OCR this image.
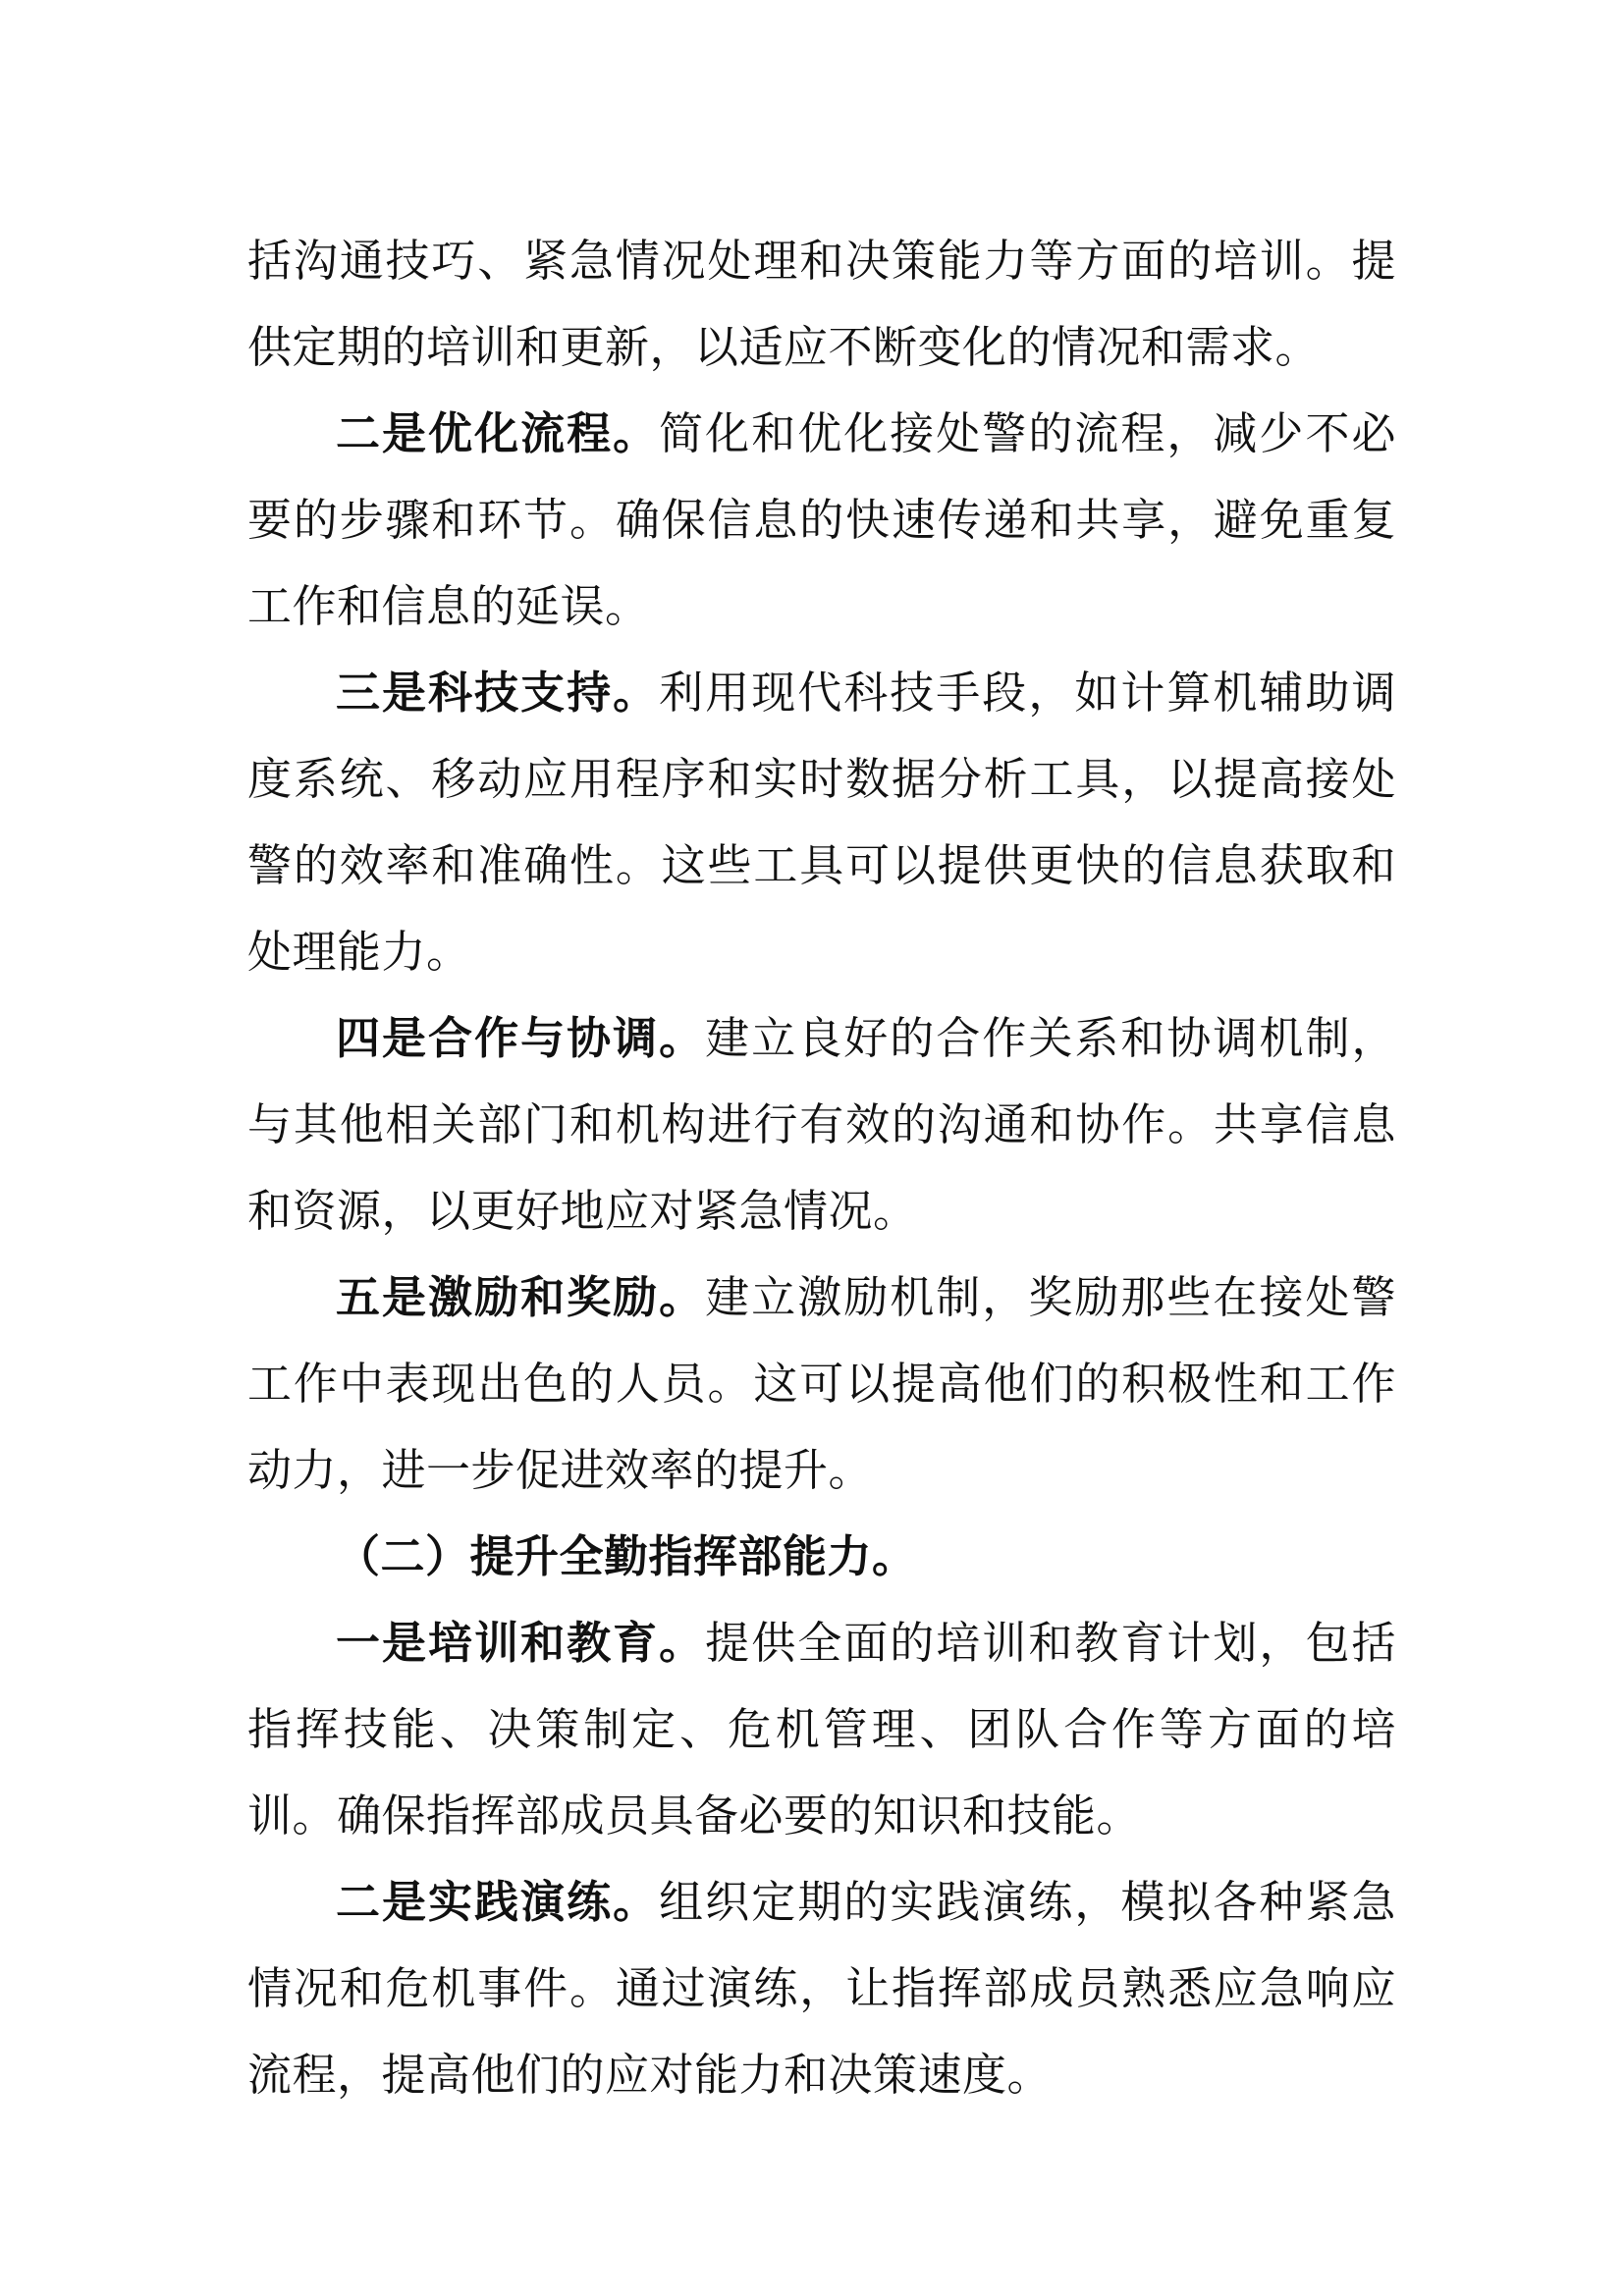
括沟通技巧、紧急情况处理和决策能力等方面的培训。提供定期的培训和更新，以适应不断变化的情况和需求。

二是优化流程。简化和优化接处警的流程，减少不必要的步骤和环节。确保信息的快速传递和共享，避免重复工作和信息的延误。

三是科技支持。利用现代科技手段，如计算机辅助调度系统、移动应用程序和实时数据分析工具，以提高接处警的效率和准确性。这些工具可以提供更快的信息获取和处理能力。

四是合作与协调。建立良好的合作关系和协调机制，与其他相关部门和机构进行有效的沟通和协作。共享信息和资源，以更好地应对紧急情况。

五是激励和奖励。建立激励机制，奖励那些在接处警工作中表现出色的人员。这可以提高他们的积极性和工作动力，进一步促进效率的提升。

（二）提升全勤指挥部能力。

一是培训和教育。提供全面的培训和教育计划，包括指挥技能、决策制定、危机管理、团队合作等方面的培训。确保指挥部成员具备必要的知识和技能。

二是实践演练。组织定期的实践演练，模拟各种紧急情况和危机事件。通过演练，让指挥部成员熟悉应急响应流程，提高他们的应对能力和决策速度。
